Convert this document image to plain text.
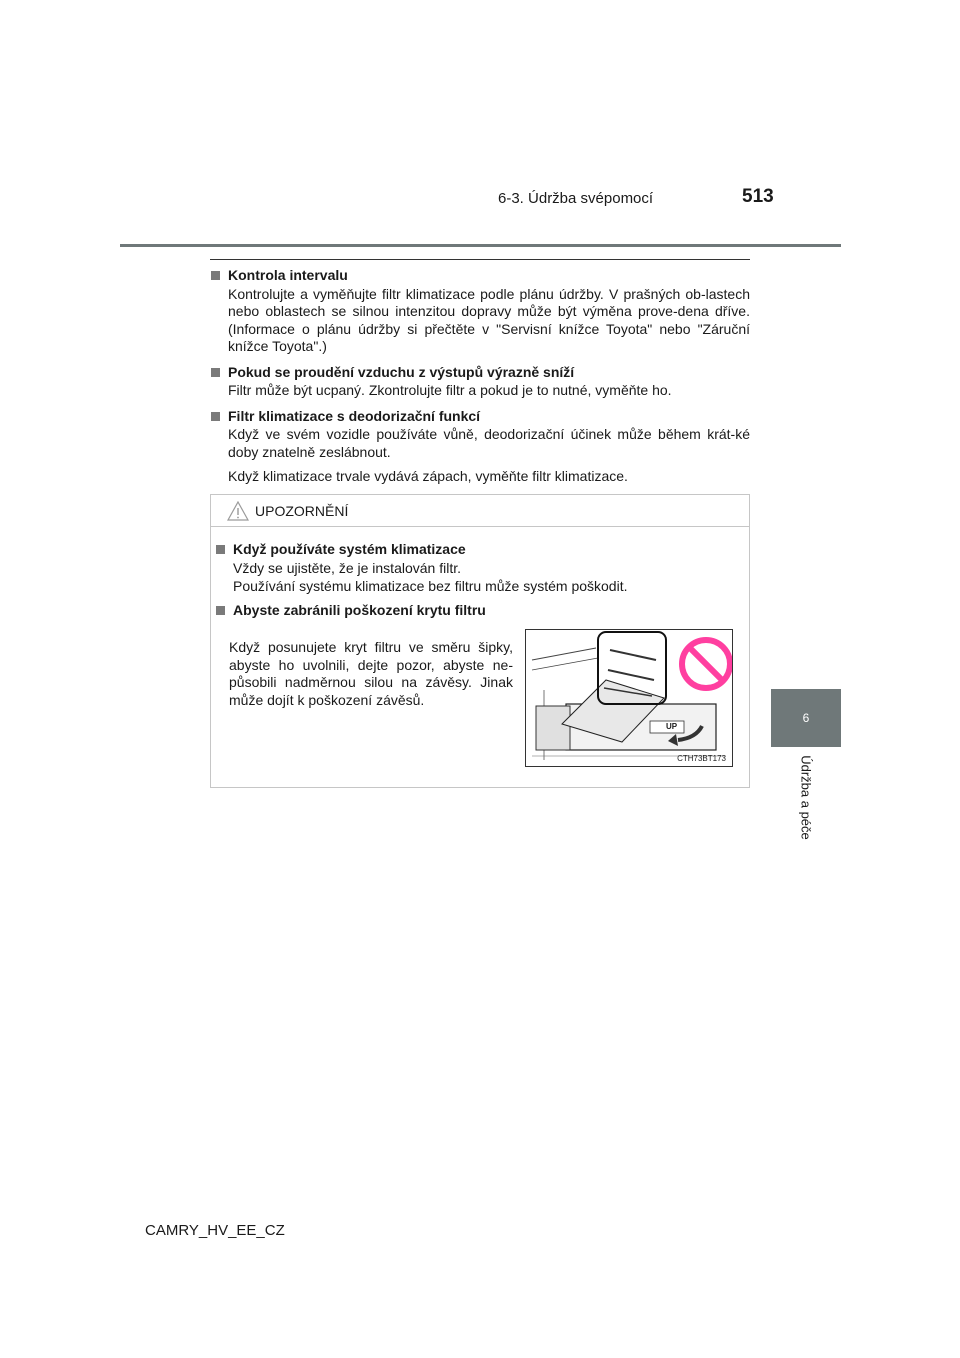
6-3. Údržba svépomocí	513
6
Údržba a péče

Kontrola intervalu

Kontrolujte a vyměňujte filtr klimatizace podle plánu údržby. V prašných ob-lastech nebo oblastech se silnou intenzitou dopravy může být výměna prove-dena dříve. (Informace o plánu údržby si přečtěte v "Servisní knížce Toyota" nebo "Záruční knížce Toyota".)

Pokud se proudění vzduchu z výstupů výrazně sníží

Filtr může být ucpaný. Zkontrolujte filtr a pokud je to nutné, vyměňte ho.

Filtr klimatizace s deodorizační funkcí

Když ve svém vozidle používáte vůně, deodorizační účinek může během krát-ké doby znatelně zeslábnout.

Když klimatizace trvale vydává zápach, vyměňte filtr klimatizace.

UPOZORNĚNÍ

Když používáte systém klimatizace

Vždy se ujistěte, že je instalován filtr.

Používání systému klimatizace bez filtru může systém poškodit.

Abyste zabránili poškození krytu filtru

Když posunujete kryt filtru ve směru šipky, abyste ho uvolnili, dejte pozor, abyste ne-působili nadměrnou silou na závěsy. Jinak může dojít k poškození závěsů.

UP
CTH73BT173
CAMRY_HV_EE_CZ
